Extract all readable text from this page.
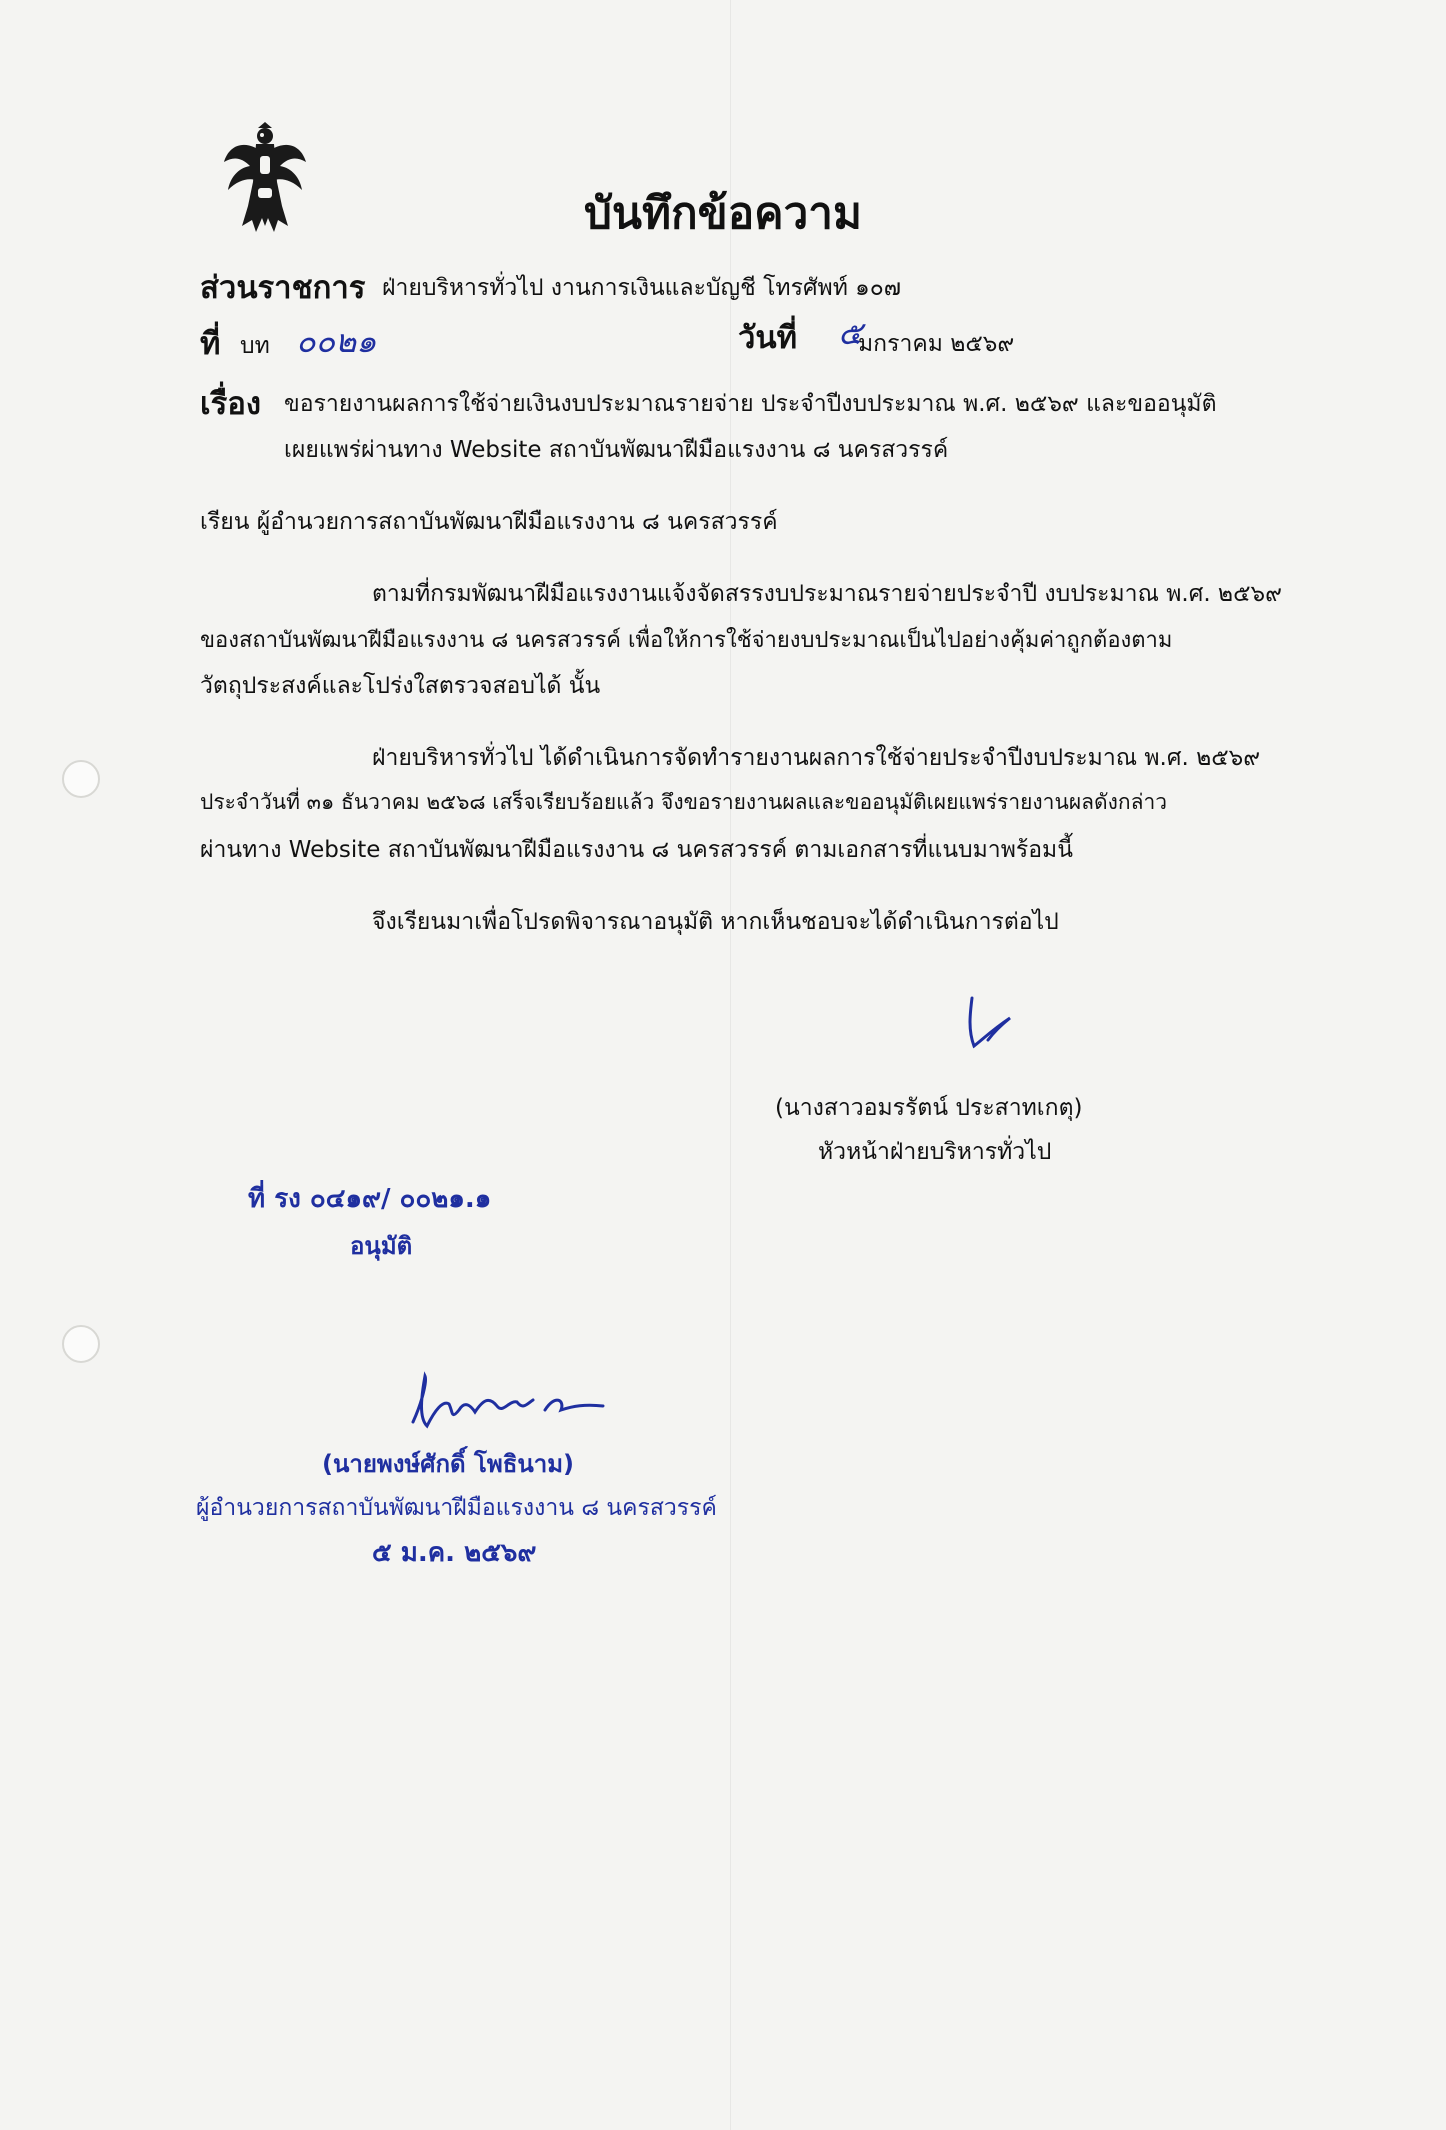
บันทึกข้อความ
ส่วนราชการ ฝ่ายบริหารทั่วไป งานการเงินและบัญชี โทรศัพท์ ๑๐๗
ที่ บท ๐๐๒๑	วันที่ ๕
มกราคม ๒๕๖๙
เรื่อง ขอรายงานผลการใช้จ่ายเงินงบประมาณรายจ่าย ประจำปีงบประมาณ พ.ศ. ๒๕๖๙ และขออนุมัติ
เผยแพร่ผ่านทาง Website สถาบันพัฒนาฝีมือแรงงาน ๘ นครสวรรค์
เรียน ผู้อำนวยการสถาบันพัฒนาฝีมือแรงงาน ๘ นครสวรรค์
ตามที่กรมพัฒนาฝีมือแรงงานแจ้งจัดสรรงบประมาณรายจ่ายประจำปี งบประมาณ พ.ศ. ๒๕๖๙
ของสถาบันพัฒนาฝีมือแรงงาน ๘ นครสวรรค์ เพื่อให้การใช้จ่ายงบประมาณเป็นไปอย่างคุ้มค่าถูกต้องตาม
วัตถุประสงค์และโปร่งใสตรวจสอบได้ นั้น
ฝ่ายบริหารทั่วไป ได้ดำเนินการจัดทำรายงานผลการใช้จ่ายประจำปีงบประมาณ พ.ศ. ๒๕๖๙
ประจำวันที่ ๓๑ ธันวาคม ๒๕๖๘ เสร็จเรียบร้อยแล้ว จึงขอรายงานผลและขออนุมัติเผยแพร่รายงานผลดังกล่าว
ผ่านทาง Website สถาบันพัฒนาฝีมือแรงงาน ๘ นครสวรรค์ ตามเอกสารที่แนบมาพร้อมนี้
จึงเรียนมาเพื่อโปรดพิจารณาอนุมัติ หากเห็นชอบจะได้ดำเนินการต่อไป
(นางสาวอมรรัตน์ ประสาทเกตุ)
หัวหน้าฝ่ายบริหารทั่วไป
ที่ รง ๐๔๑๙/ ๐๐๒๑.๑
อนุมัติ
(นายพงษ์ศักดิ์ โพธินาม)
ผู้อำนวยการสถาบันพัฒนาฝีมือแรงงาน ๘ นครสวรรค์
๕ ม.ค. ๒๕๖๙
